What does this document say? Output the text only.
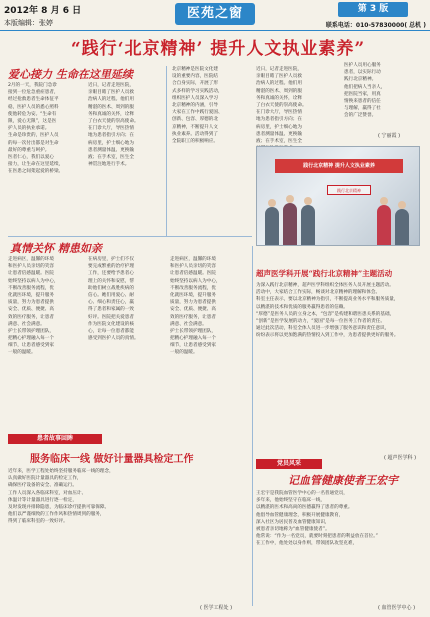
2012年 8 月 6 日
本版编辑：张婷
医苑之窗	第 3 版
联系电话：010-57830000( 总机 )
“践行‘北京精神’ 提升人文执业素养”
爱心接力 生命在这里延续
2月的一天，我院门急诊
接到一位危急重症患者，
经过抢救患者生命体征平
稳，医护人员的悉心照料
使他转危为安。“生命有
限，爱心无限”，这是医
护人员的执业承诺。
生命是珍贵的，医护人员
的每一次付出都是对生命
最好的尊重与呵护。
医者仁心，我们以爱心
接力，让生命在这里延续，
在医患之间架起爱的桥梁。
近日，记者走进医院，
亲眼目睹了医护人员救
治病人的过程。他们用
精湛的医术、周到的服
务和真诚的关怀，诠释
了白衣天使的崇高使命。
在门诊大厅，导医热情
地为患者指引方向；在
病房里，护士细心地为
患者测量体温、更换输
液；在手术室，医生全
神贯注地进行手术。
北京精神是医院文化建
设的重要内容，医院结
合自身实际，开展了形
式多样的学习实践活动，
组织医护人员深入学习
北京精神的内涵，引导
大家在工作中践行爱国、
创新、包容、厚德的北
京精神，不断提升人文
执业素养。活动得到了
全院职工的积极响应。
近日，记者走进医院，
亲眼目睹了医护人员救
治病人的过程。他们用
精湛的医术、周到的服
务和真诚的关怀，诠释
了白衣天使的崇高使命。
在门诊大厅，导医热情
地为患者指引方向；在
病房里，护士细心地为
患者测量体温、更换输
液；在手术室，医生全
医护人员用心服务
患者，以实际行动
践行北京精神。
他们把病人当亲人，
把医院当家，用真
情换来患者的信任
与理解，赢得了社
会的广泛赞誉。
( 宁丽霞 )
践行北京精神 提升人文执业素养
践行北京精神
真情关怀 精患如亲
走进病区，温馨的环境
和医护人员亲切的笑容
让患者倍感温暖。医院
始终坚持以病人为中心，
不断改善服务流程，优
化就医环境，提升服务
质量，努力为患者提供
安全、优质、便捷、高
效的医疗服务，让患者
满意、社会满意。
护士长带领护理团队，
把精心护理融入每一个
细节，让患者感受到家
一般的温暖。
在病房里，护士们不仅
要完成繁重的治疗护理
工作，还要给予患者心
理上的关怀和安慰，帮
助他们树立战胜疾病的
信心。她们用爱心、耐
心、细心和责任心，赢
得了患者和家属的一致
好评。医院把关爱患者
作为医院文化建设的核
心，让每一位患者都能
感受到医护人员的真情。
走进病区，温馨的环境
和医护人员亲切的笑容
让患者倍感温暖。医院
始终坚持以病人为中心，
不断改善服务流程，优
化就医环境，提升服务
质量，努力为患者提供
安全、优质、便捷、高
效的医疗服务，让患者
满意、社会满意。
护士长带领护理团队，
把精心护理融入每一个
细节，让患者感受到家
一般的温暖。
超声医学科开展“践行北京精神”主题活动
为深入践行北京精神，超声医学科组织全体医务人员开展主题活动。
活动中，大家结合工作实际，畅谈对北京精神的理解和体会。
科室主任表示，要以北京精神为指引，不断提高业务水平和服务质量，
以精湛的技术和优质的服务赢得患者的信赖。
“厚德”是医务人员的立身之本，“包容”是构建和谐医患关系的基础，
“创新”是医学发展的动力，“爱国”是每一位医务工作者的责任。
通过此次活动，科室全体人员进一步增强了服务意识和责任意识，
纷纷表示将以更加饱满的热情投入到工作中，为患者提供更好的服务。
( 超声医学科 )
党员风采
记血管健康使者王宏宇
王宏宇是我院血管医学中心的一名普通党员，
多年来，他始终坚守在临床一线，
以精湛的医术和高尚的医德赢得了患者的尊重。
他倡导血管健康理念，积极开展健康教育，
深入社区为居民普及血管健康知识，
被患者亲切地称为“血管健康使者”。
他常说：“作为一名党员，就要时刻把患者的利益放在首位。”
在工作中，他处处以身作则，带领团队攻坚克难，
( 血管医学中心 )
患者故事回眸
服务临床一线 做好计量器具检定工作
近年来，医学工程处始终坚持服务临床一线的理念，
认真做好医院计量器具的检定工作，
确保医疗设备的安全、准确运行。
工作人员深入各临床科室，对血压计、
体温计等计量器具进行逐一检定，
及时发现并排除隐患，为临床诊疗提供可靠保障。
他们以严谨细致的工作作风和热情周到的服务，
得到了临床科室的一致好评。
( 医学工程处 )
